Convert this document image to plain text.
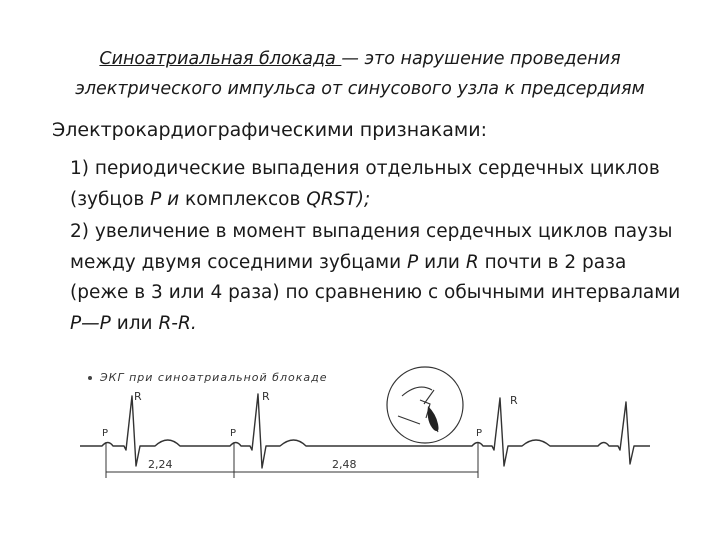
Синоатриальная блокада — это нарушение проведения
электрического импульса от синусового узла к предсердиям
Электрокардиографическими признаками:

1) периодические выпадения отдельных сердечных циклов (зубцов Р и комплексов QRST);

2) увеличение в момент выпадения сердечных циклов паузы между двумя соседними зубцами Р или R почти в 2 раза (реже в 3 или 4 раза) по сравнению с обычными интервалами Р—Р или R-R.

ЭКГ при синоатриальной блокаде
R	R	R
P	P	P
2,24	2,48
